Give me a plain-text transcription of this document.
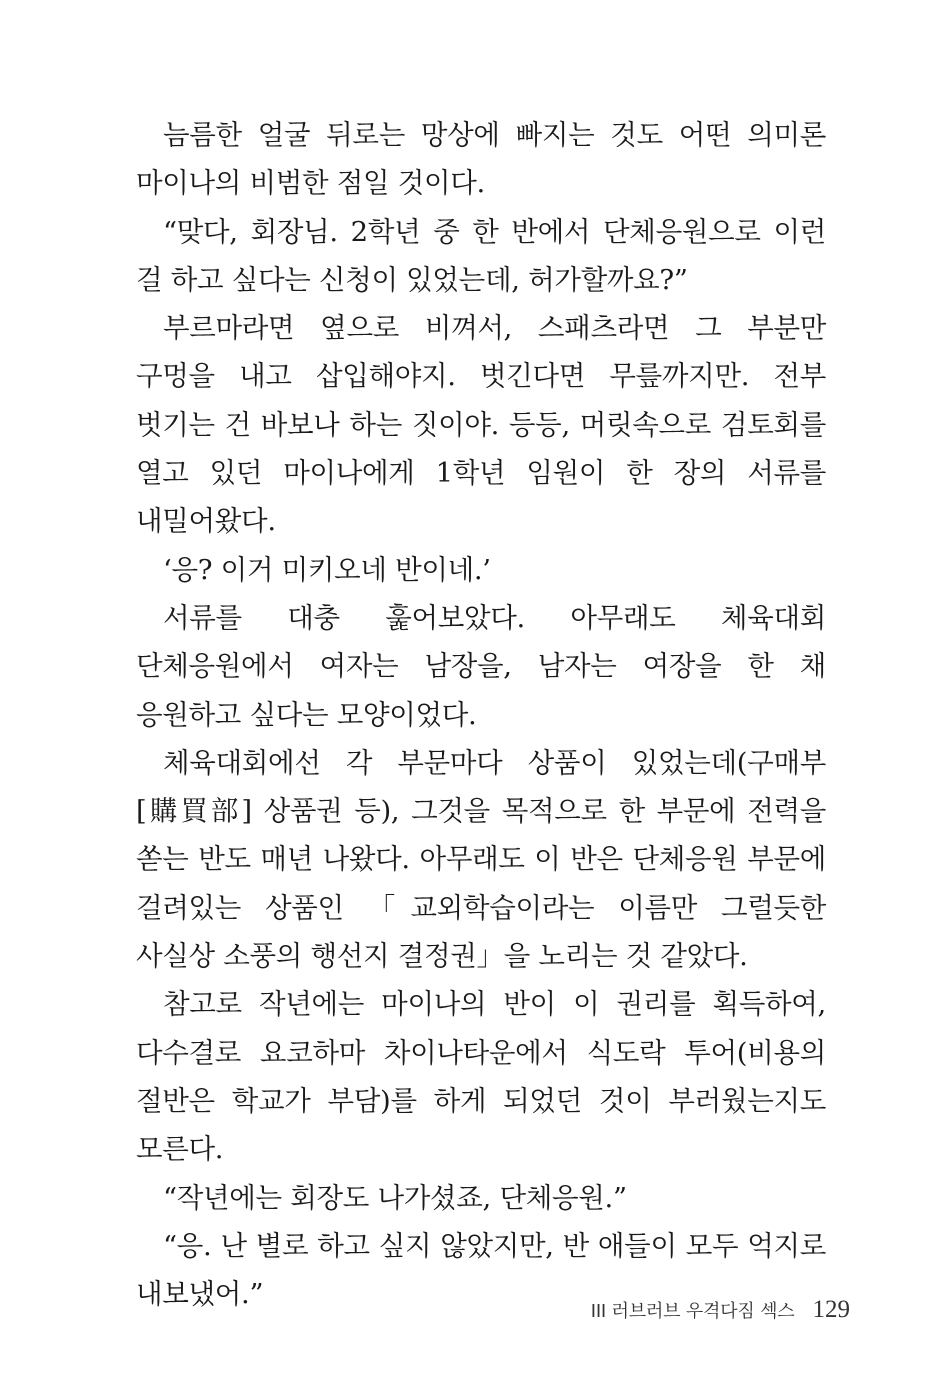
늠름한 얼굴 뒤로는 망상에 빠지는 것도 어떤 의미론 마이나의 비범한 점일 것이다.

“맞다, 회장님. 2학년 중 한 반에서 단체응원으로 이런 걸 하고 싶다는 신청이 있었는데, 허가할까요?”

부르마라면 옆으로 비껴서, 스패츠라면 그 부분만 구멍을 내고 삽입해야지. 벗긴다면 무릎까지만. 전부 벗기는 건 바보나 하는 짓이야. 등등, 머릿속으로 검토회를 열고 있던 마이나에게 1학년 임원이 한 장의 서류를 내밀어왔다.

‘응? 이거 미키오네 반이네.’

서류를 대충 훑어보았다. 아무래도 체육대회 단체응원에서 여자는 남장을, 남자는 여장을 한 채 응원하고 싶다는 모양이었다.

체육대회에선 각 부문마다 상품이 있었는데(구매부[購買部] 상품권 등), 그것을 목적으로 한 부문에 전력을 쏟는 반도 매년 나왔다. 아무래도 이 반은 단체응원 부문에 걸려있는 상품인 「교외학습이라는 이름만 그럴듯한 사실상 소풍의 행선지 결정권」을 노리는 것 같았다.

참고로 작년에는 마이나의 반이 이 권리를 획득하여, 다수결로 요코하마 차이나타운에서 식도락 투어(비용의 절반은 학교가 부담)를 하게 되었던 것이 부러웠는지도 모른다.

“작년에는 회장도 나가셨죠, 단체응원.”

“응. 난 별로 하고 싶지 않았지만, 반 애들이 모두 억지로 내보냈어.”

III 러브러브 우격다짐 섹스 129
